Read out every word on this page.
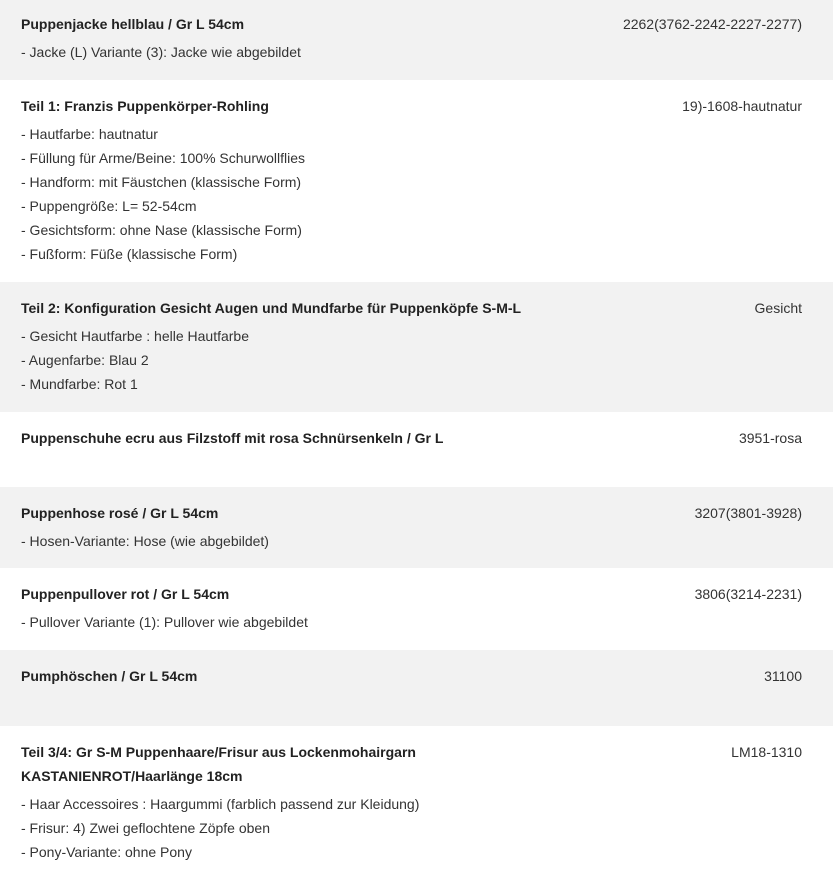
Puppenjacke hellblau / Gr L 54cm
- Jacke (L) Variante (3): Jacke wie abgebildet
2262(3762-2242-2227-2277)
Teil 1: Franzis Puppenkörper-Rohling
- Hautfarbe: hautnatur
- Füllung für Arme/Beine: 100% Schurwollflies
- Handform: mit Fäustchen (klassische Form)
- Puppengröße: L= 52-54cm
- Gesichtsform: ohne Nase (klassische Form)
- Fußform: Füße (klassische Form)
19)-1608-hautnatur
Teil 2: Konfiguration Gesicht Augen und Mundfarbe für Puppenköpfe S-M-L
- Gesicht Hautfarbe : helle Hautfarbe
- Augenfarbe: Blau 2
- Mundfarbe: Rot 1
Gesicht
Puppenschuhe ecru aus Filzstoff mit rosa Schnürsenkeln / Gr L	3951-rosa
Puppenhose rosé / Gr L 54cm
- Hosen-Variante: Hose (wie abgebildet)
3207(3801-3928)
Puppenpullover rot / Gr L 54cm
- Pullover Variante (1): Pullover wie abgebildet
3806(3214-2231)
Pumphöschen / Gr L 54cm	31100
Teil 3/4: Gr S-M Puppenhaare/Frisur aus Lockenmohairgarn KASTANIENROT/Haarlänge 18cm
- Haar Accessoires : Haargummi (farblich passend zur Kleidung)
- Frisur: 4) Zwei geflochtene Zöpfe oben
- Pony-Variante: ohne Pony
LM18-1310
